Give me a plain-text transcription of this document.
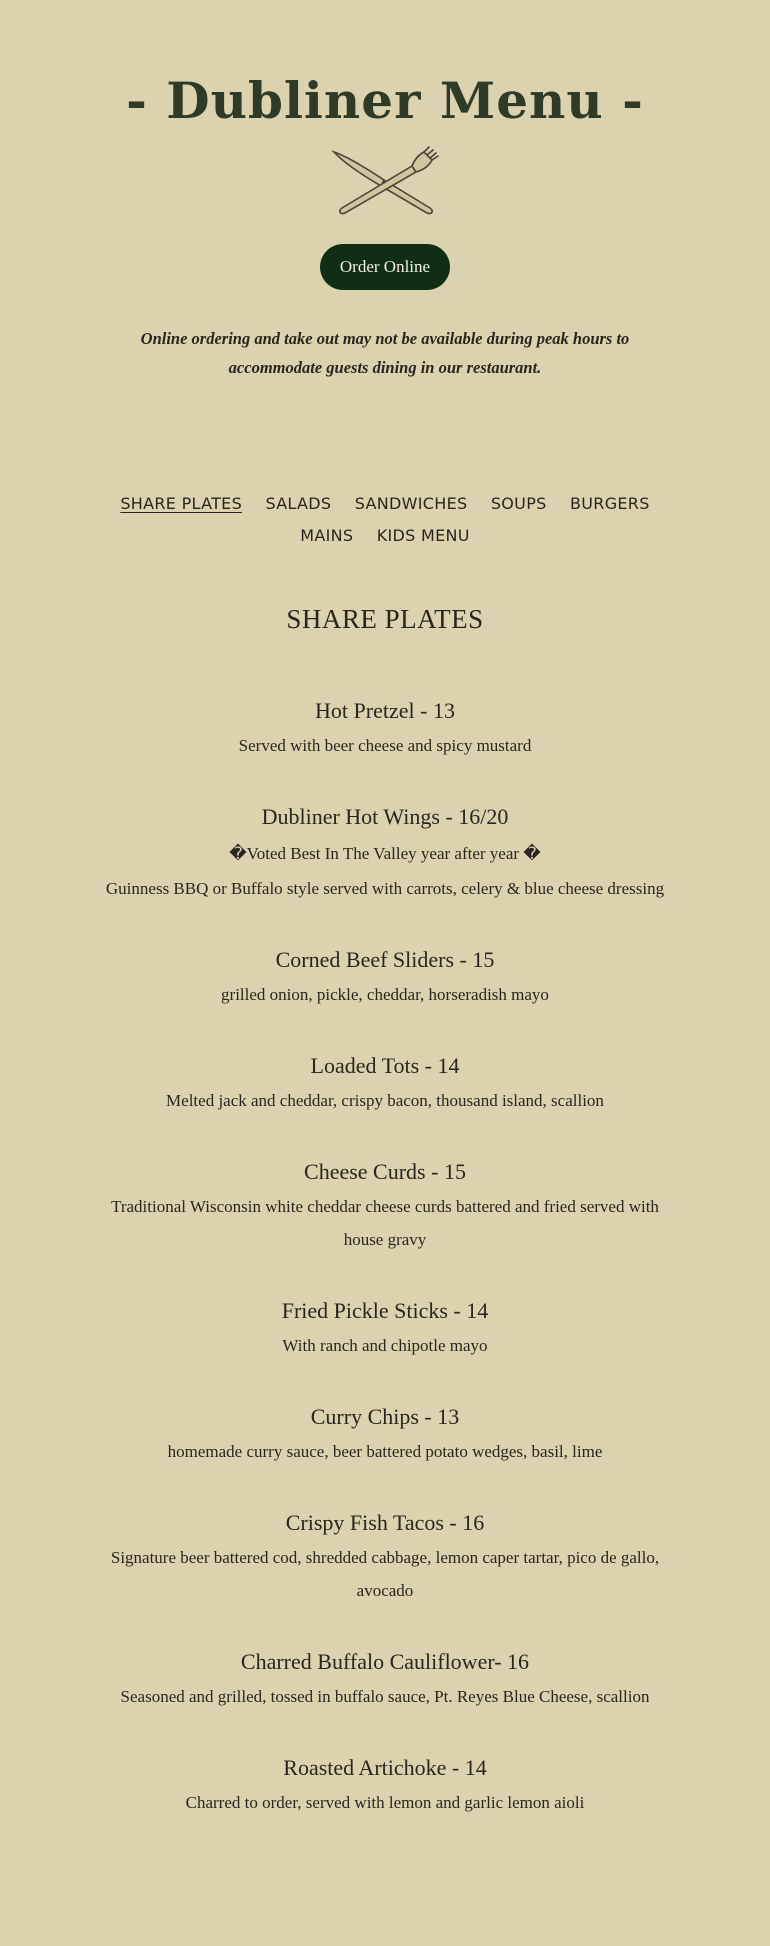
- Dubliner Menu -
Order Online

Online ordering and take out may not be available during peak hours to accommodate guests dining in our restaurant.

SHARE PLATES SALADS SANDWICHES SOUPS BURGERS
MAINS KIDS MENU
SHARE PLATES
Hot Pretzel - 13

Served with beer cheese and spicy mustard

Dubliner Hot Wings - 16/20

�Voted Best In The Valley year after year �

Guinness BBQ or Buffalo style served with carrots, celery & blue cheese dressing

Corned Beef Sliders - 15

grilled onion, pickle, cheddar, horseradish mayo

Loaded Tots - 14

Melted jack and cheddar, crispy bacon, thousand island, scallion

Cheese Curds - 15

Traditional Wisconsin white cheddar cheese curds battered and fried served with house gravy

Fried Pickle Sticks - 14

With ranch and chipotle mayo

Curry Chips - 13

homemade curry sauce, beer battered potato wedges, basil, lime

Crispy Fish Tacos - 16

Signature beer battered cod, shredded cabbage, lemon caper tartar, pico de gallo, avocado

Charred Buffalo Cauliflower- 16

Seasoned and grilled, tossed in buffalo sauce, Pt. Reyes Blue Cheese, scallion

Roasted Artichoke - 14

Charred to order, served with lemon and garlic lemon aioli
